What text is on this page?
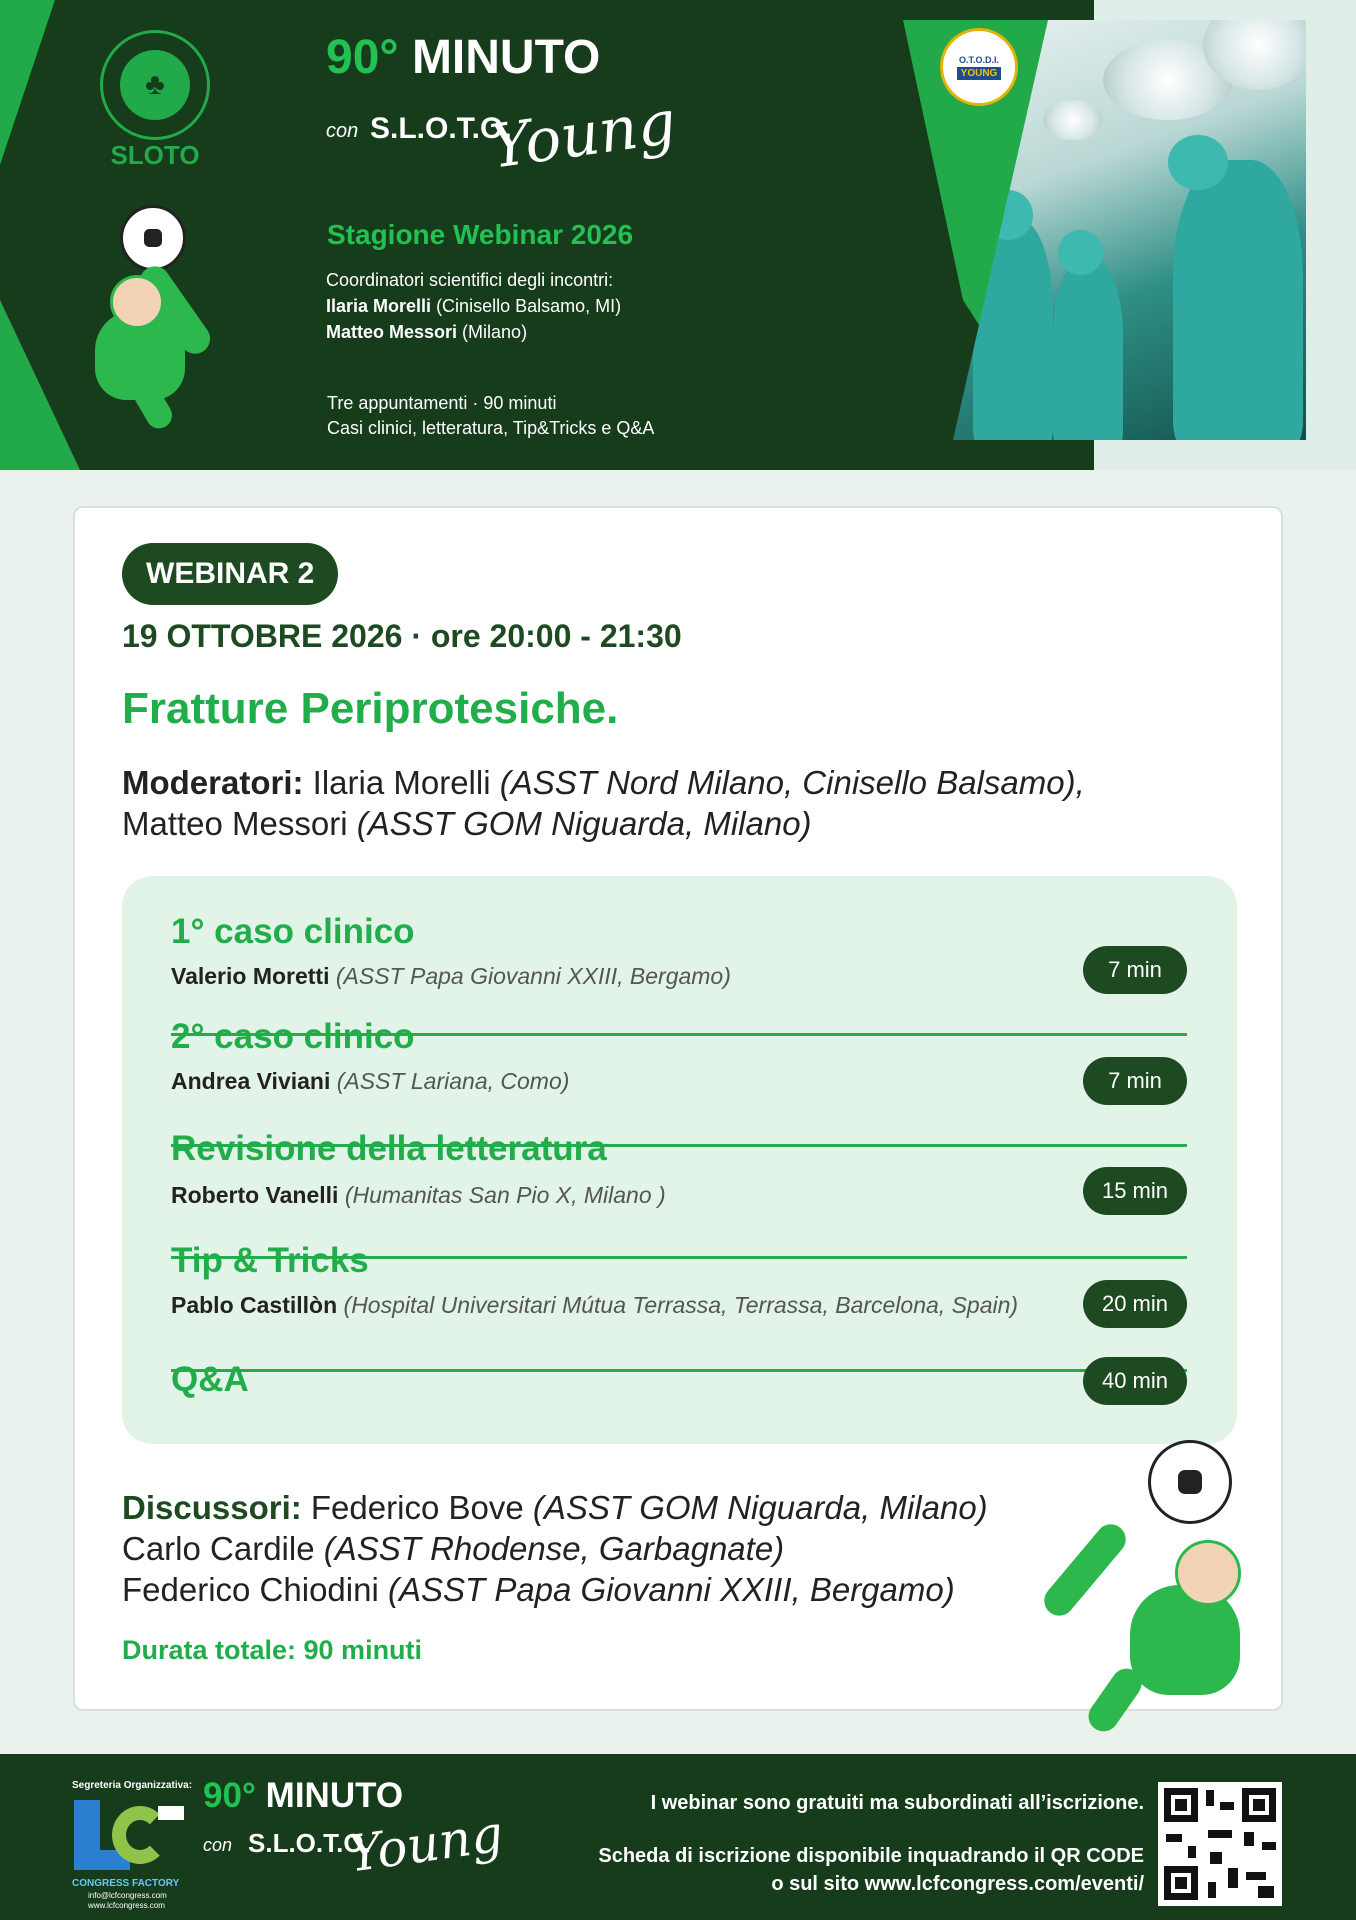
O.T.O.D.I.
YOUNG
♣
SLOTO
90° MINUTO
con S.L.O.T.O.
Young
Stagione Webinar 2026
Coordinatori scientifici degli incontri:
Ilaria Morelli (Cinisello Balsamo, MI)
Matteo Messori (Milano)
Tre appuntamenti · 90 minuti
Casi clinici, letteratura, Tip&Tricks e Q&A
WEBINAR 2
19 OTTOBRE 2026 · ore 20:00 - 21:30
Fratture Periprotesiche.
Moderatori: Ilaria Morelli (ASST Nord Milano, Cinisello Balsamo),
Matteo Messori (ASST GOM Niguarda, Milano)
1° caso clinico
Valerio Moretti (ASST Papa Giovanni XXIII, Bergamo)	7 min
2° caso clinico
Andrea Viviani (ASST Lariana, Como)	7 min
Revisione della letteratura
Roberto Vanelli (Humanitas San Pio X, Milano )	15 min
Tip & Tricks
Pablo Castillòn (Hospital Universitari Mútua Terrassa, Terrassa, Barcelona, Spain)	20 min
Q&A	40 min
Discussori: Federico Bove (ASST GOM Niguarda, Milano)
Carlo Cardile (ASST Rhodense, Garbagnate)
Federico Chiodini (ASST Papa Giovanni XXIII, Bergamo)
Durata totale: 90 minuti
Segreteria Organizzativa:
CONGRESS FACTORY
info@lcfcongress.com
www.lcfcongress.com
90° MINUTO
con S.L.O.T.O.
Young
I webinar sono gratuiti ma subordinati all’iscrizione.
Scheda di iscrizione disponibile inquadrando il QR CODE
o sul sito www.lcfcongress.com/eventi/
